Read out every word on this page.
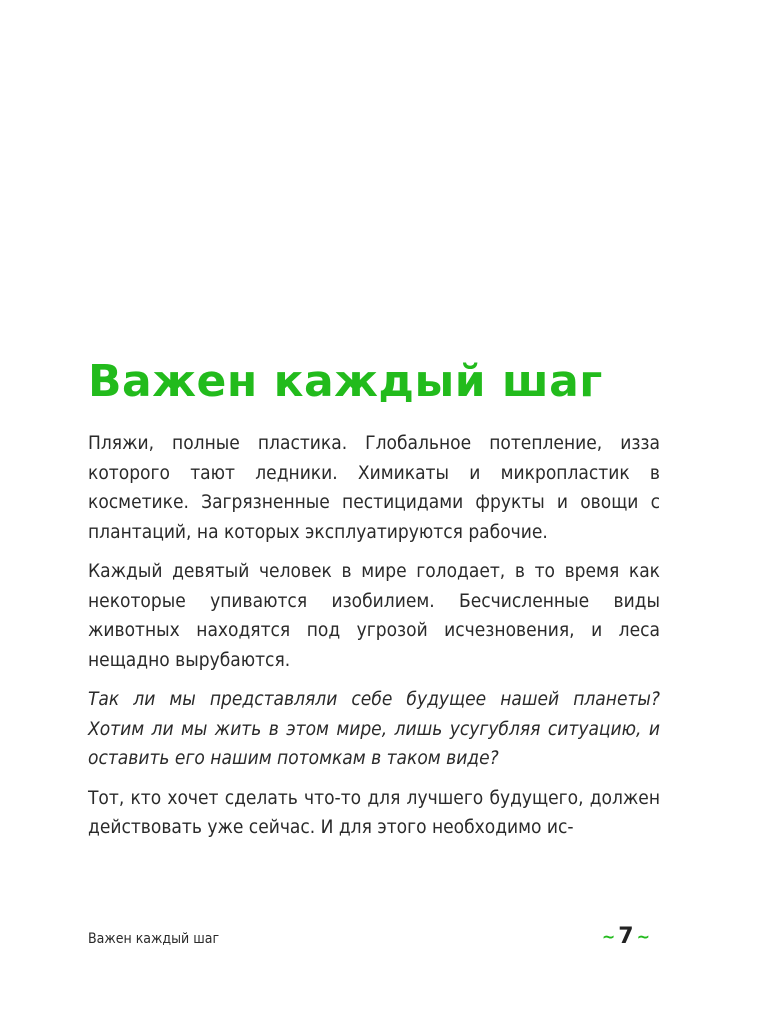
Важен каждый шаг

Пляжи, полные пластика. Глобальное потепление, изза которого тают ледники. Химикаты и микропластик в косметике. Загрязненные пестицидами фрукты и овощи с плантаций, на которых эксплуатируются рабочие.

Каждый девятый человек в мире голодает, в то время как некоторые упиваются изобилием. Бесчисленные виды животных находятся под угрозой исчезновения, и леса нещадно вырубаются.

Так ли мы представляли себе будущее нашей планеты? Хотим ли мы жить в этом мире, лишь усугубляя ситуацию, и оставить его нашим потомкам в таком виде?

Тот, кто хочет сделать что-то для лучшего будущего, должен действовать уже сейчас. И для этого необходимо ис-

Важен каждый шаг	~ 7 ~
